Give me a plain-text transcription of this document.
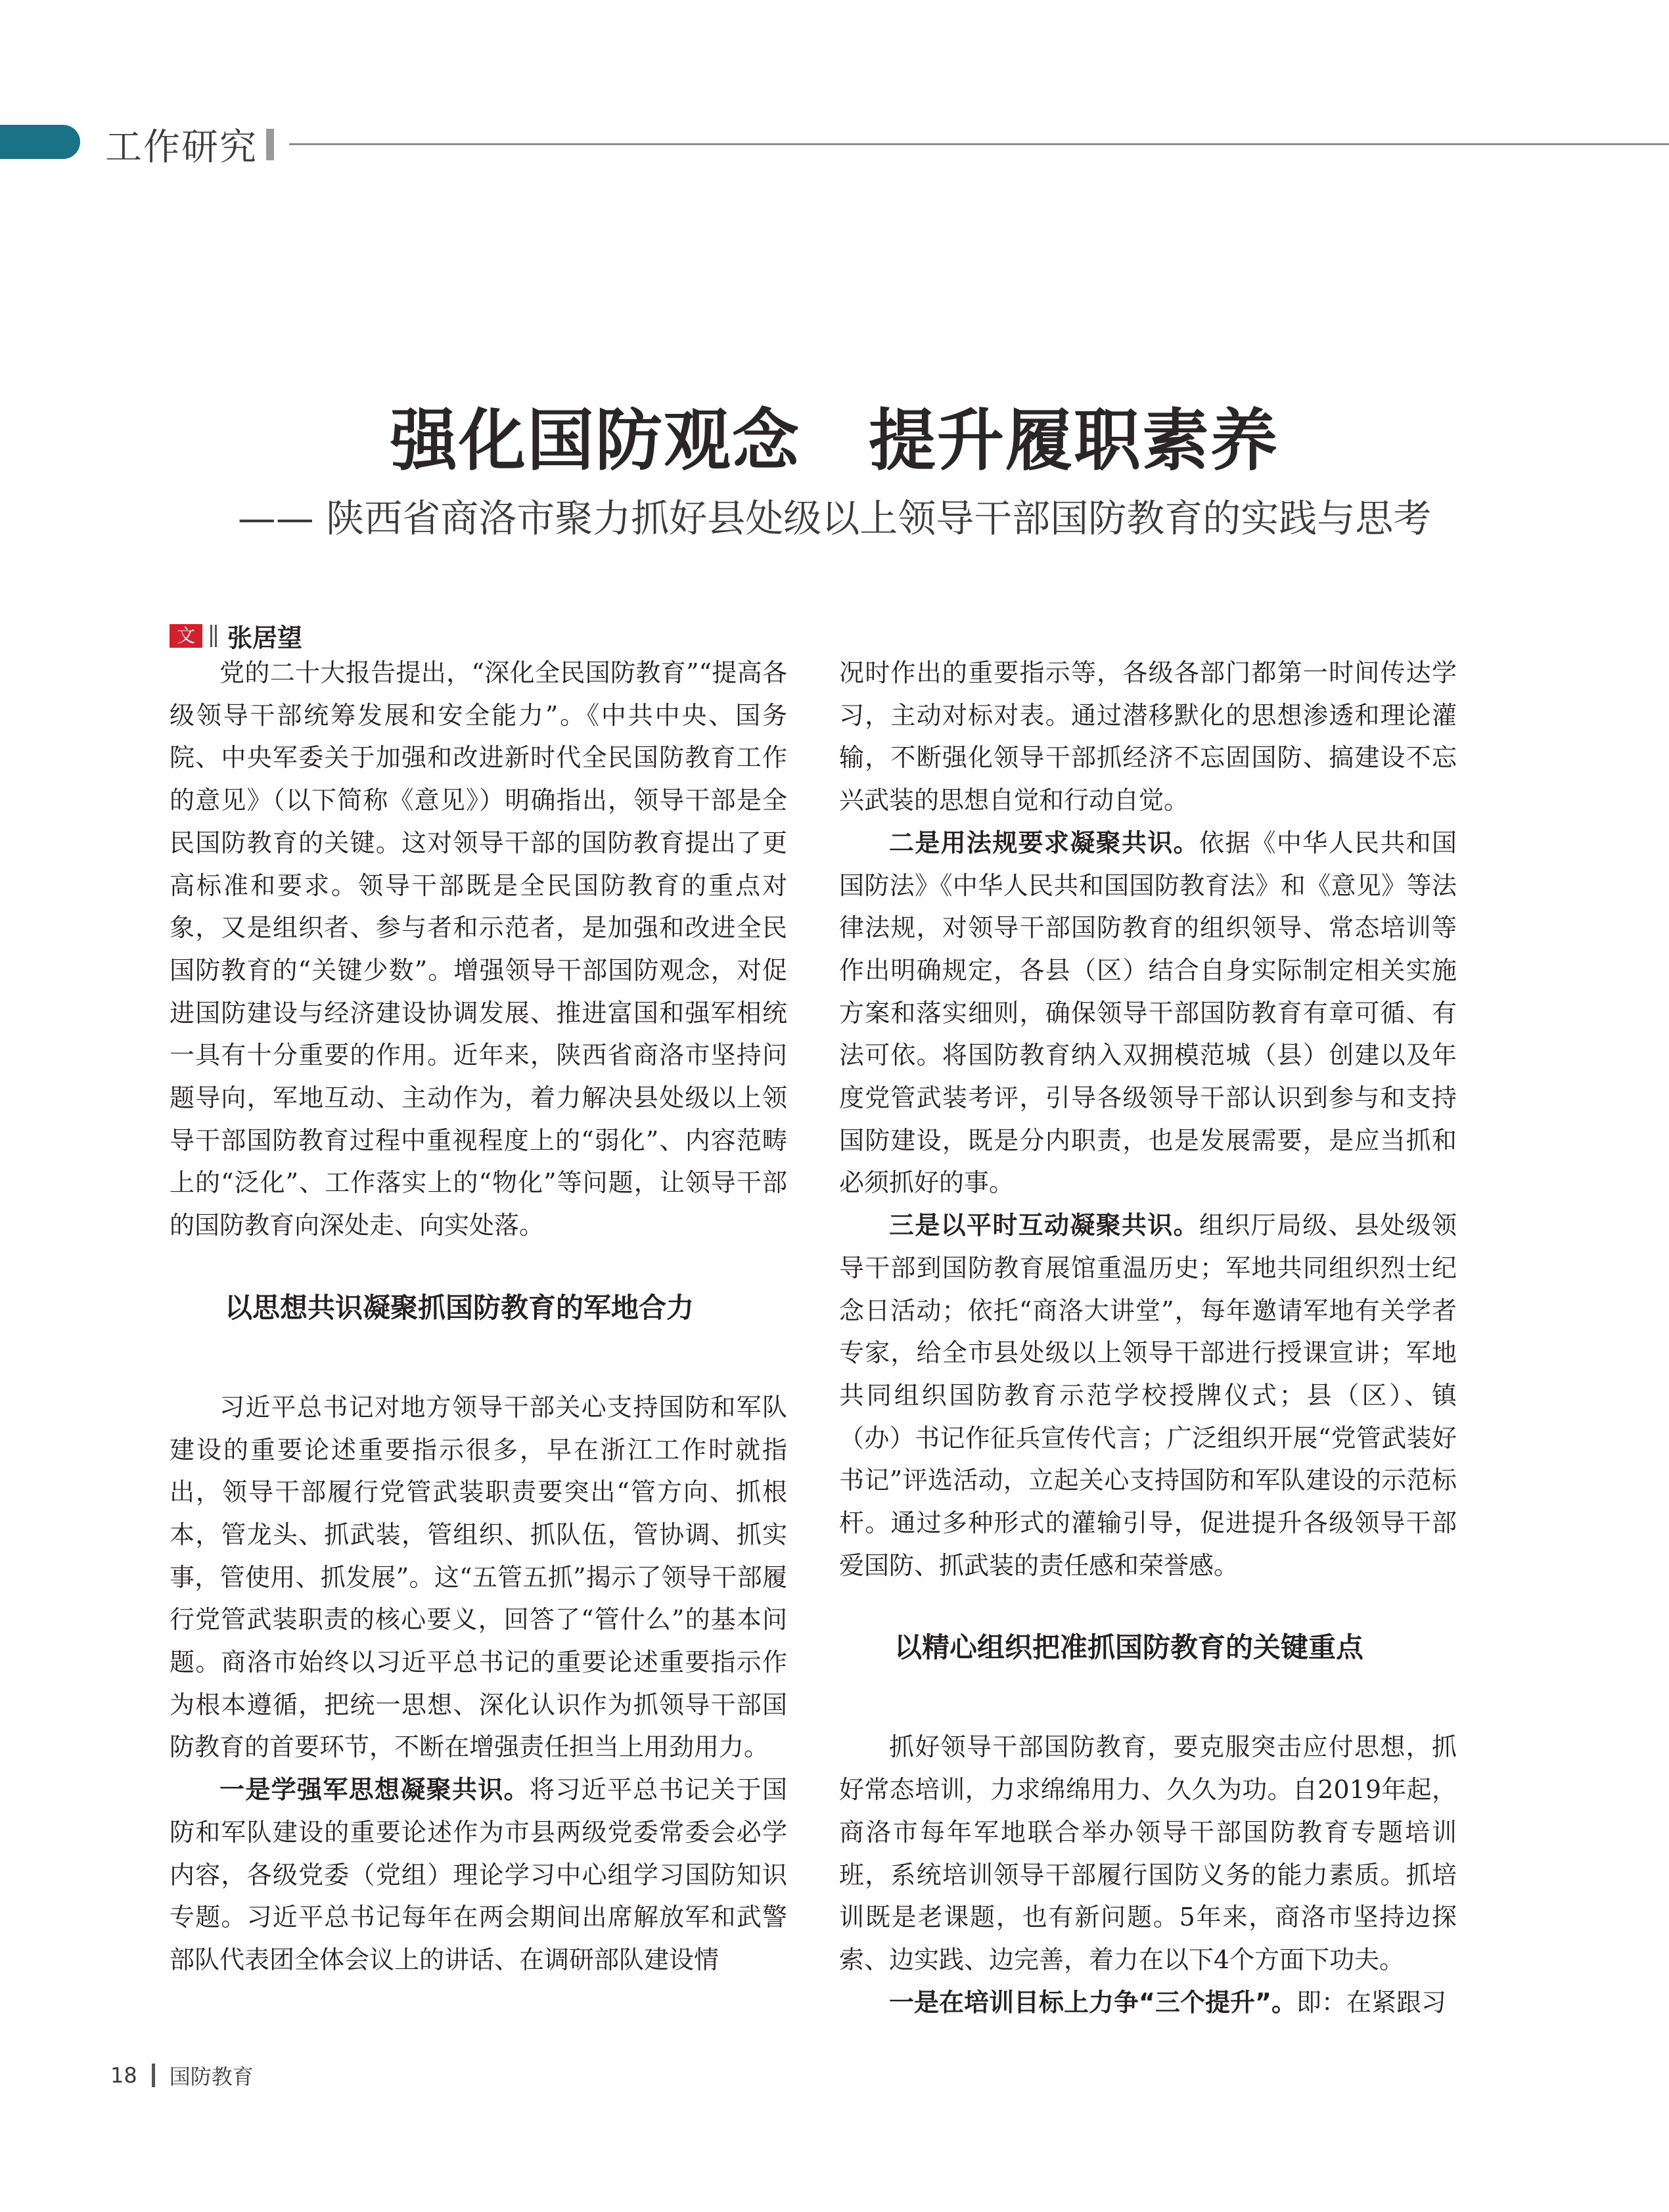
工作研究
强化国防观念　提升履职素养
—— 陕西省商洛市聚力抓好县处级以上领导干部国防教育的实践与思考
文 张居望

党的二十大报告提出，“深化全民国防教育”“提高各级领导干部统筹发展和安全能力”。《中共中央、国务院、中央军委关于加强和改进新时代全民国防教育工作的意见》（以下简称《意见》）明确指出，领导干部是全民国防教育的关键。这对领导干部的国防教育提出了更高标准和要求。领导干部既是全民国防教育的重点对象，又是组织者、参与者和示范者，是加强和改进全民国防教育的“关键少数”。增强领导干部国防观念，对促进国防建设与经济建设协调发展、推进富国和强军相统一具有十分重要的作用。近年来，陕西省商洛市坚持问题导向，军地互动、主动作为，着力解决县处级以上领导干部国防教育过程中重视程度上的“弱化”、内容范畴上的“泛化”、工作落实上的“物化”等问题，让领导干部的国防教育向深处走、向实处落。

以思想共识凝聚抓国防教育的军地合力

习近平总书记对地方领导干部关心支持国防和军队建设的重要论述重要指示很多，早在浙江工作时就指出，领导干部履行党管武装职责要突出“管方向、抓根本，管龙头、抓武装，管组织、抓队伍，管协调、抓实事，管使用、抓发展”。这“五管五抓”揭示了领导干部履行党管武装职责的核心要义，回答了“管什么”的基本问题。商洛市始终以习近平总书记的重要论述重要指示作为根本遵循，把统一思想、深化认识作为抓领导干部国防教育的首要环节，不断在增强责任担当上用劲用力。

一是学强军思想凝聚共识。将习近平总书记关于国防和军队建设的重要论述作为市县两级党委常委会必学内容，各级党委（党组）理论学习中心组学习国防知识专题。习近平总书记每年在两会期间出席解放军和武警部队代表团全体会议上的讲话、在调研部队建设情

况时作出的重要指示等，各级各部门都第一时间传达学习，主动对标对表。通过潜移默化的思想渗透和理论灌输，不断强化领导干部抓经济不忘固国防、搞建设不忘兴武装的思想自觉和行动自觉。

二是用法规要求凝聚共识。依据《中华人民共和国国防法》《中华人民共和国国防教育法》和《意见》等法律法规，对领导干部国防教育的组织领导、常态培训等作出明确规定，各县（区）结合自身实际制定相关实施方案和落实细则，确保领导干部国防教育有章可循、有法可依。将国防教育纳入双拥模范城（县）创建以及年度党管武装考评，引导各级领导干部认识到参与和支持国防建设，既是分内职责，也是发展需要，是应当抓和必须抓好的事。

三是以平时互动凝聚共识。组织厅局级、县处级领导干部到国防教育展馆重温历史；军地共同组织烈士纪念日活动；依托“商洛大讲堂”，每年邀请军地有关学者专家，给全市县处级以上领导干部进行授课宣讲；军地共同组织国防教育示范学校授牌仪式；县（区）、镇（办）书记作征兵宣传代言；广泛组织开展“党管武装好书记”评选活动，立起关心支持国防和军队建设的示范标杆。通过多种形式的灌输引导，促进提升各级领导干部爱国防、抓武装的责任感和荣誉感。

以精心组织把准抓国防教育的关键重点

抓好领导干部国防教育，要克服突击应付思想，抓好常态培训，力求绵绵用力、久久为功。自2019年起，商洛市每年军地联合举办领导干部国防教育专题培训班，系统培训领导干部履行国防义务的能力素质。抓培训既是老课题，也有新问题。5年来，商洛市坚持边探索、边实践、边完善，着力在以下4个方面下功夫。

一是在培训目标上力争“三个提升”。即：在紧跟习

18 国防教育
